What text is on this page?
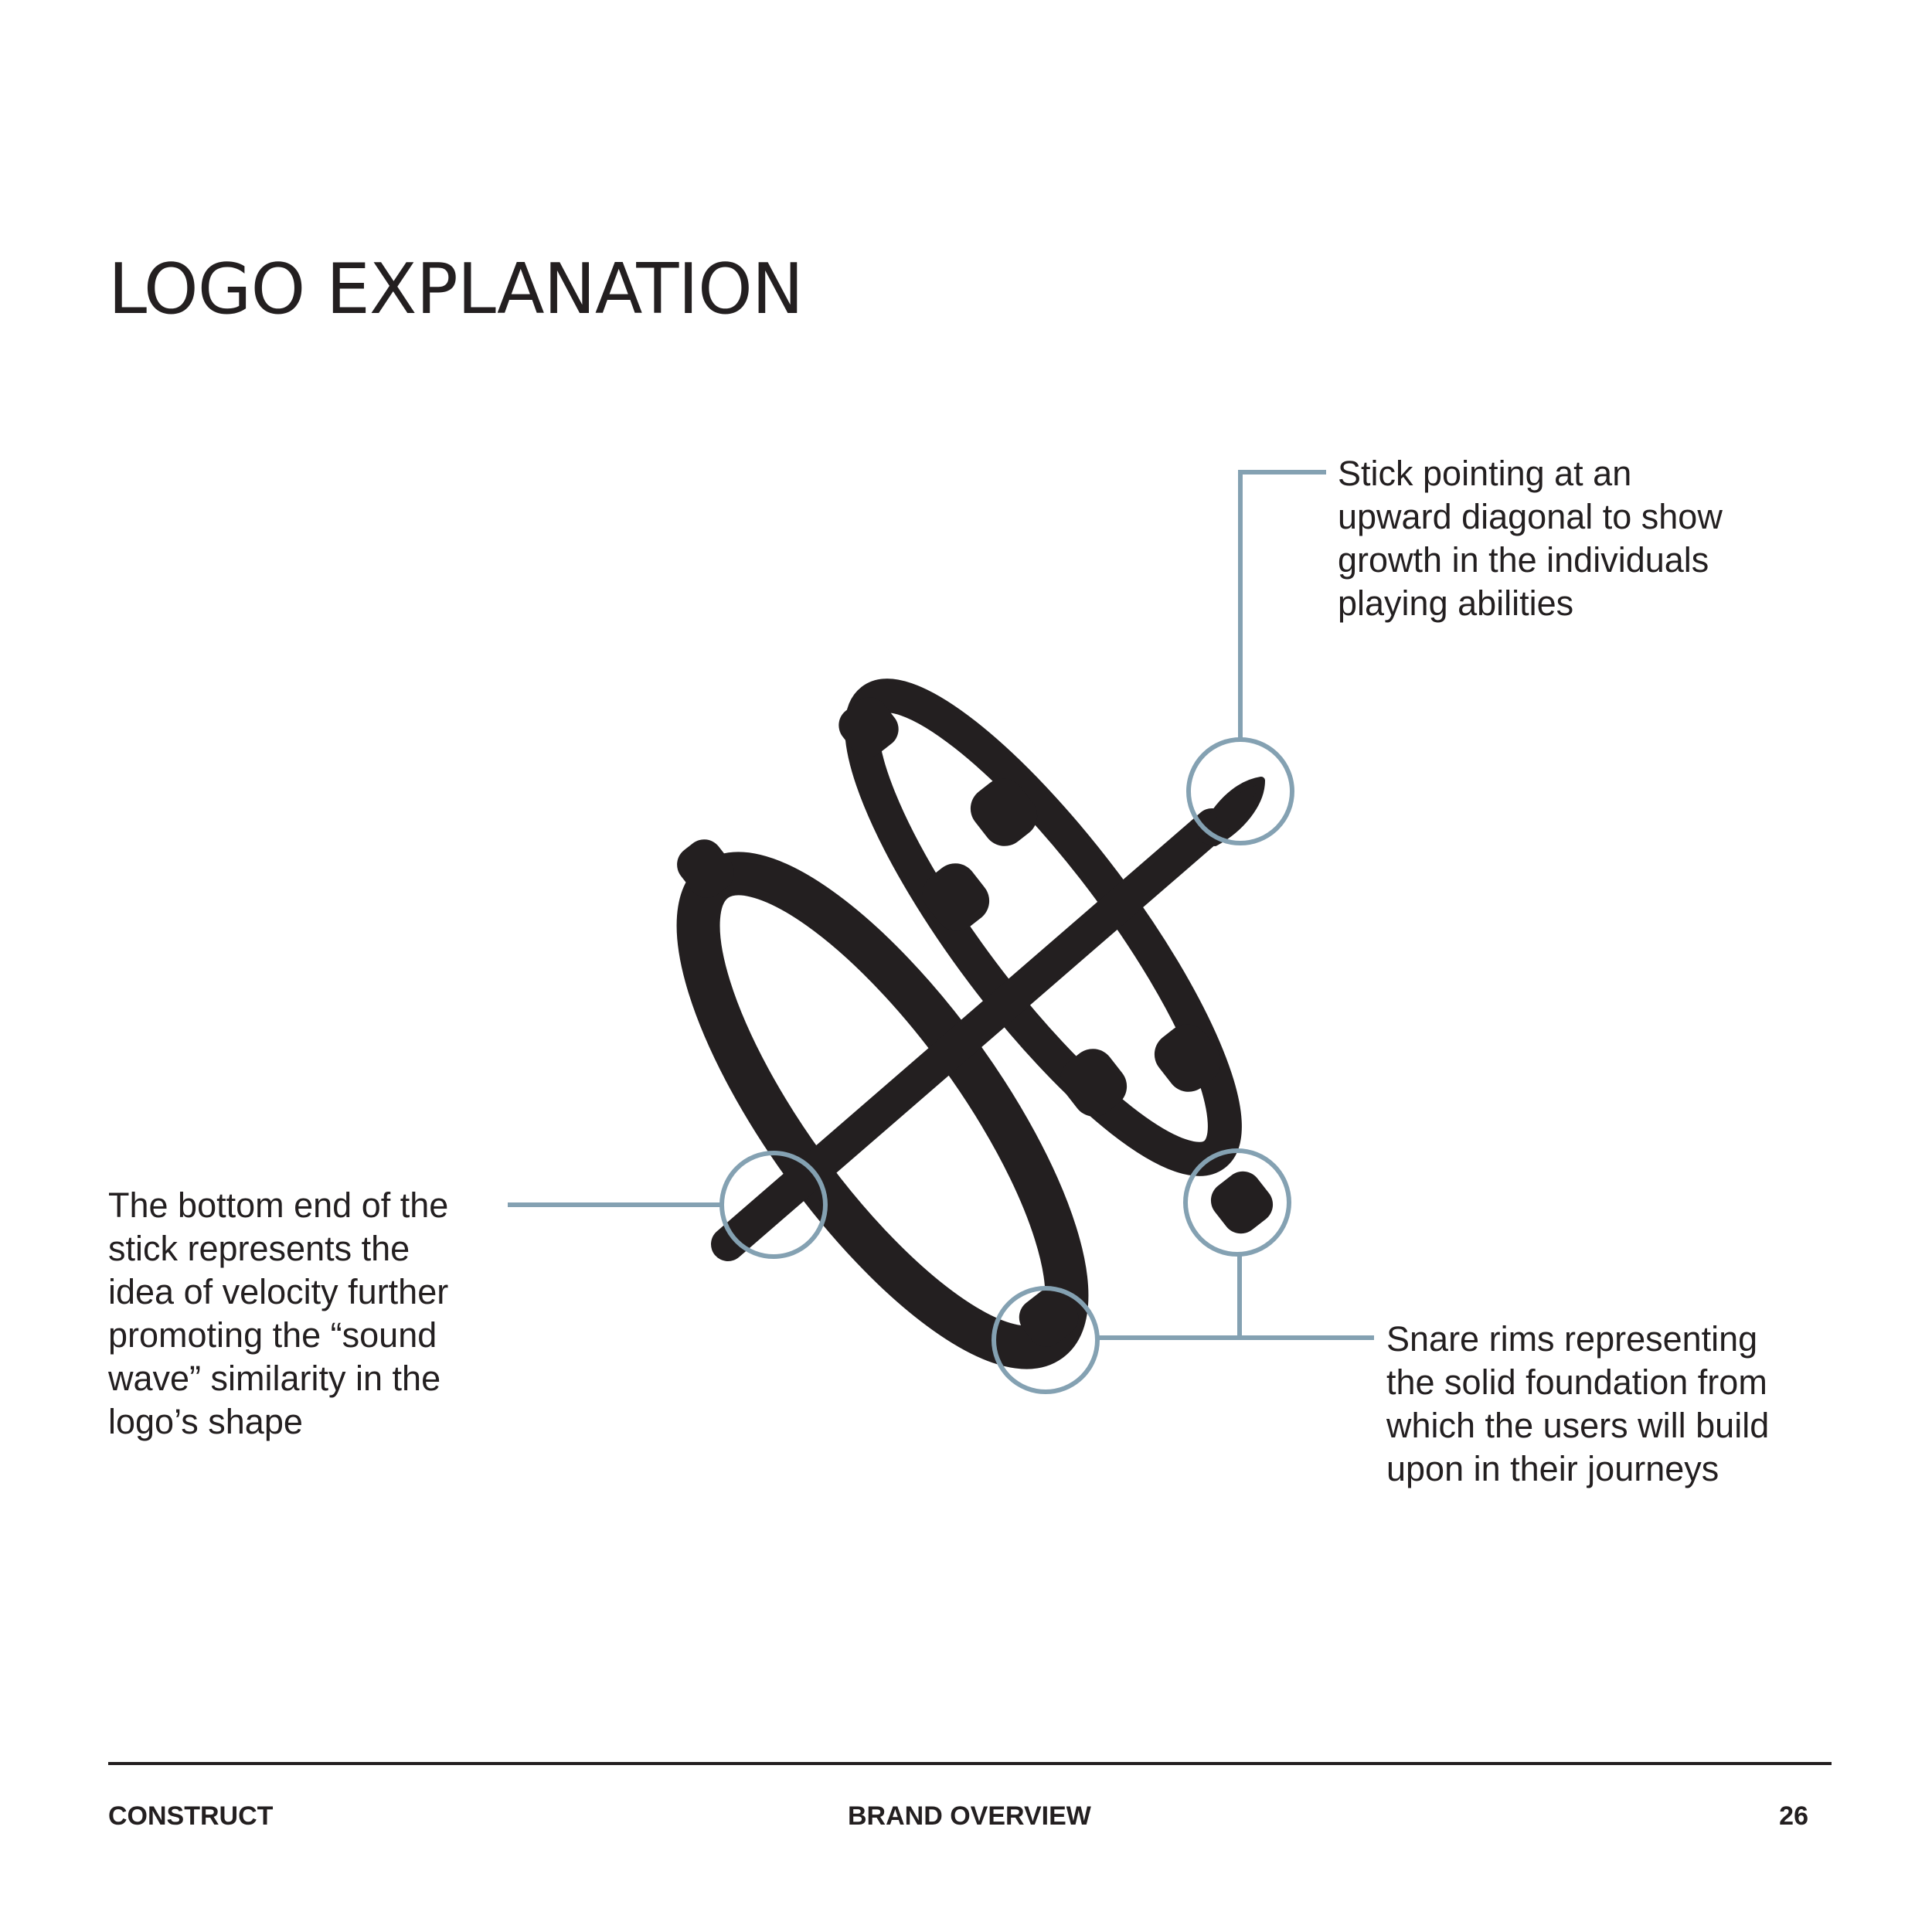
LOGO EXPLANATION

Stick pointing at an
upward diagonal to show
growth in the individuals
playing abilities

The bottom end of the
stick represents the
idea of velocity further
promoting the “sound
wave” similarity in the
logo’s shape

Snare rims representing
the solid foundation from
which the users will build
upon in their journeys

CONSTRUCT	BRAND OVERVIEW	26
